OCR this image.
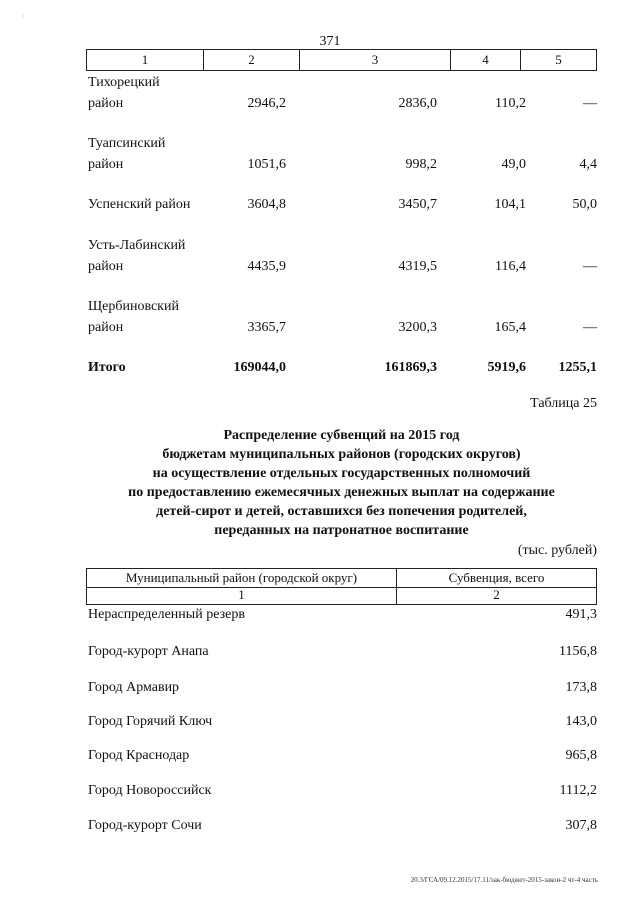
·
371
1	2	3	4	5
Тихорецкий
район	2946,2	2836,0	110,2	—
Туапсинский
район	1051,6	998,2	49,0	4,4
Успенский район	3604,8	3450,7	104,1	50,0
Усть-Лабинский
район	4435,9	4319,5	116,4	—
Щербиновский
район	3365,7	3200,3	165,4	—
Итого	169044,0	161869,3	5919,6	1255,1
Таблица 25
Распределение субвенций на 2015 год
бюджетам муниципальных районов (городских округов)
на осуществление отдельных государственных полномочий
по предоставлению ежемесячных денежных выплат на содержание
детей-сирот и детей, оставшихся без попечения родителей,
переданных на патронатное воспитание
(тыс. рублей)
Муниципальный район (городской округ)	Субвенция, всего
1	2
Нераспределенный резерв	491,3
Город-курорт Анапа	1156,8
Город Армавир	173,8
Город Горячий Ключ	143,0
Город Краснодар	965,8
Город Новороссийск	1112,2
Город-курорт Сочи	307,8
20.3/ГСА/09.12.2015/17.11/зак-бюджет-2015-закон-2 чт-4 часть
